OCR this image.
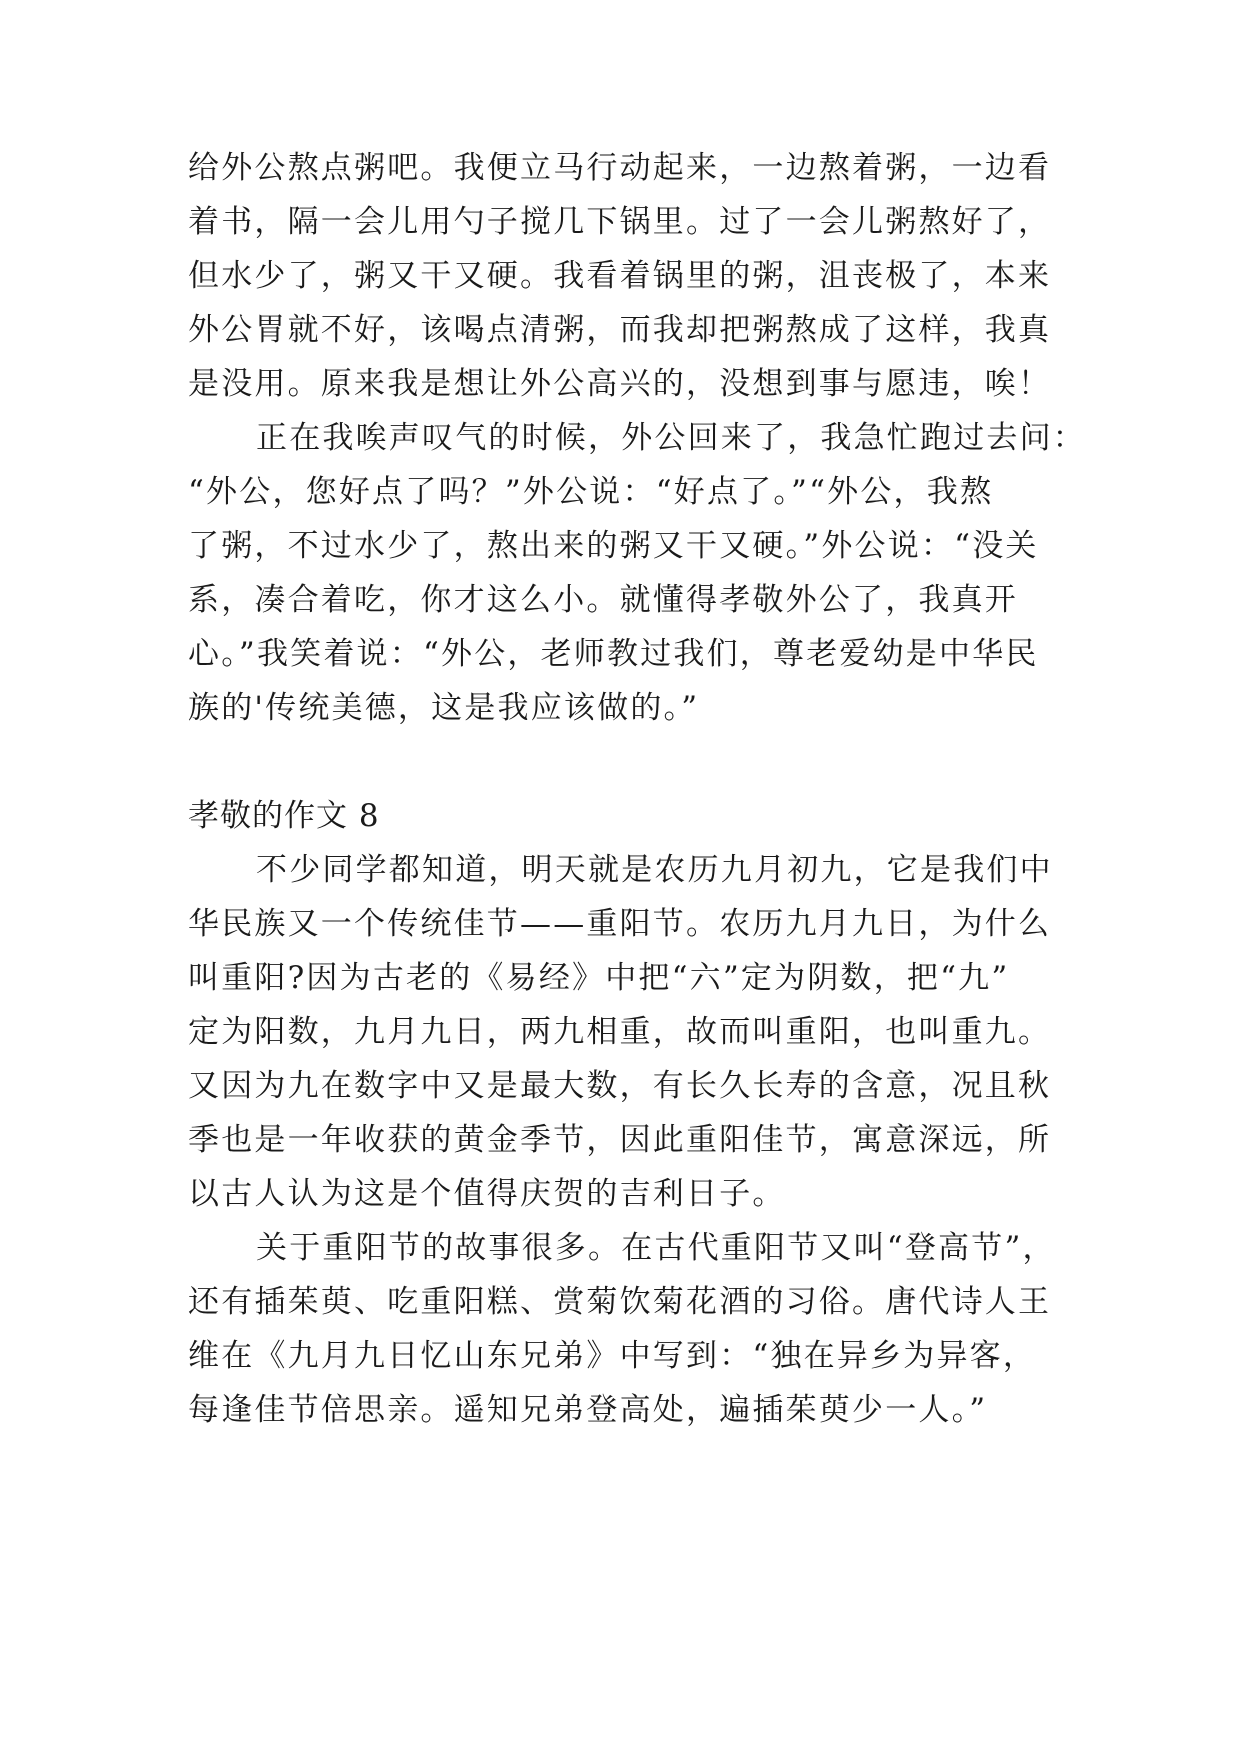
给外公熬点粥吧。我便立马行动起来，一边熬着粥，一边看
着书，隔一会儿用勺子搅几下锅里。过了一会儿粥熬好了，
但水少了，粥又干又硬。我看着锅里的粥，沮丧极了，本来
外公胃就不好，该喝点清粥，而我却把粥熬成了这样，我真
是没用。原来我是想让外公高兴的，没想到事与愿违，唉！
正在我唉声叹气的时候，外公回来了，我急忙跑过去问：
“外公，您好点了吗？”外公说：“好点了。”“外公，我熬
了粥，不过水少了，熬出来的粥又干又硬。”外公说：“没关
系，凑合着吃，你才这么小。就懂得孝敬外公了，我真开
心。”我笑着说：“外公，老师教过我们，尊老爱幼是中华民
族的'传统美德，这是我应该做的。”
孝敬的作文 8
不少同学都知道，明天就是农历九月初九，它是我们中
华民族又一个传统佳节——重阳节。农历九月九日，为什么
叫重阳?因为古老的《易经》中把“六”定为阴数，把“九”
定为阳数，九月九日，两九相重，故而叫重阳，也叫重九。
又因为九在数字中又是最大数，有长久长寿的含意，况且秋
季也是一年收获的黄金季节，因此重阳佳节，寓意深远，所
以古人认为这是个值得庆贺的吉利日子。
关于重阳节的故事很多。在古代重阳节又叫“登高节”，
还有插茱萸、吃重阳糕、赏菊饮菊花酒的习俗。唐代诗人王
维在《九月九日忆山东兄弟》中写到：“独在异乡为异客，
每逢佳节倍思亲。遥知兄弟登高处，遍插茱萸少一人。”
